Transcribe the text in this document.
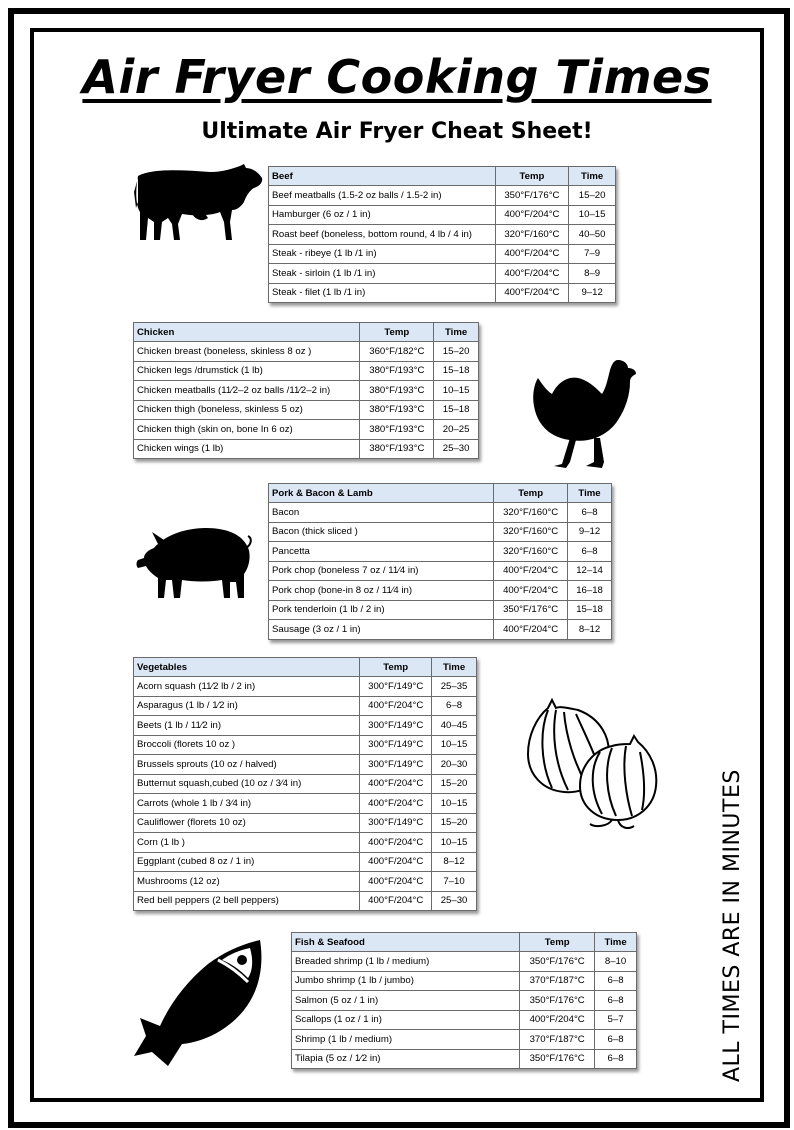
Air Fryer Cooking Times
Ultimate Air Fryer Cheat Sheet!
ALL TIMES ARE IN MINUTES
Beef	Temp	Time
Beef meatballs (1.5-2 oz balls / 1.5-2 in)	350°F/176°C	15–20
Hamburger (6 oz / 1 in)	400°F/204°C	10–15
Roast beef (boneless, bottom round, 4 lb / 4 in)	320°F/160°C	40–50
Steak - ribeye (1 lb /1 in)	400°F/204°C	7–9
Steak - sirloin (1 lb /1 in)	400°F/204°C	8–9
Steak - filet (1 lb /1 in)	400°F/204°C	9–12
Chicken	Temp	Time
Chicken breast (boneless, skinless 8 oz )	360°F/182°C	15–20
Chicken legs /drumstick (1 lb)	380°F/193°C	15–18
Chicken meatballs (11⁄2–2 oz balls /11⁄2–2 in)	380°F/193°C	10–15
Chicken thigh (boneless, skinless 5 oz)	380°F/193°C	15–18
Chicken thigh (skin on, bone In 6 oz)	380°F/193°C	20–25
Chicken wings (1 lb)	380°F/193°C	25–30
Pork & Bacon & Lamb	Temp	Time
Bacon	320°F/160°C	6–8
Bacon (thick sliced )	320°F/160°C	9–12
Pancetta	320°F/160°C	6–8
Pork chop (boneless 7 oz / 11⁄4 in)	400°F/204°C	12–14
Pork chop (bone-in 8 oz / 11⁄4 in)	400°F/204°C	16–18
Pork tenderloin (1 lb / 2 in)	350°F/176°C	15–18
Sausage (3 oz / 1 in)	400°F/204°C	8–12
Vegetables	Temp	Time
Acorn squash (11⁄2 lb / 2 in)	300°F/149°C	25–35
Asparagus (1 lb / 1⁄2 in)	400°F/204°C	6–8
Beets (1 lb / 11⁄2 in)	300°F/149°C	40–45
Broccoli (florets 10 oz )	300°F/149°C	10–15
Brussels sprouts (10 oz / halved)	300°F/149°C	20–30
Butternut squash,cubed (10 oz / 3⁄4 in)	400°F/204°C	15–20
Carrots (whole 1 lb / 3⁄4 in)	400°F/204°C	10–15
Cauliflower (florets 10 oz)	300°F/149°C	15–20
Corn (1 lb )	400°F/204°C	10–15
Eggplant (cubed 8 oz / 1 in)	400°F/204°C	8–12
Mushrooms (12 oz)	400°F/204°C	7–10
Red bell peppers (2 bell peppers)	400°F/204°C	25–30
Fish & Seafood	Temp	Time
Breaded shrimp (1 lb / medium)	350°F/176°C	8–10
Jumbo shrimp (1 lb / jumbo)	370°F/187°C	6–8
Salmon (5 oz / 1 in)	350°F/176°C	6–8
Scallops (1 oz / 1 in)	400°F/204°C	5–7
Shrimp (1 lb / medium)	370°F/187°C	6–8
Tilapia (5 oz / 1⁄2 in)	350°F/176°C	6–8
